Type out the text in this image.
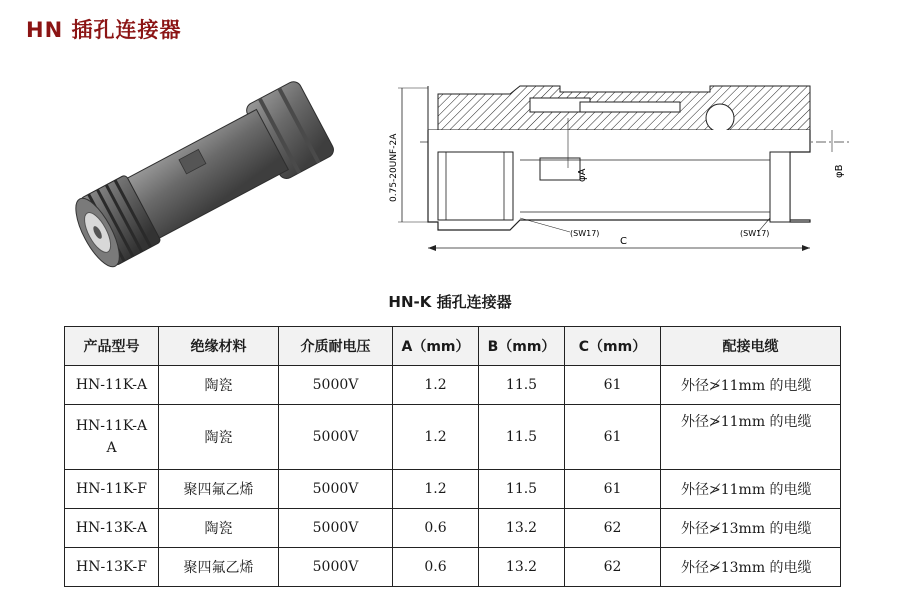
HN 插孔连接器
0.75-20UNF-2A	φA	φB
(SW17)	(SW17)
C
HN-K 插孔连接器
产品型号	绝缘材料	介质耐电压	A（mm）	B（mm）	C（mm）	配接电缆
HN-11K-A	陶瓷	5000V	1.2	11.5	61	外径≯11mm 的电缆
HN-11K-A A	陶瓷	5000V	1.2	11.5	61	外径≯11mm 的电缆
HN-11K-F	聚四氟乙烯	5000V	1.2	11.5	61	外径≯11mm 的电缆
HN-13K-A	陶瓷	5000V	0.6	13.2	62	外径≯13mm 的电缆
HN-13K-F	聚四氟乙烯	5000V	0.6	13.2	62	外径≯13mm 的电缆
